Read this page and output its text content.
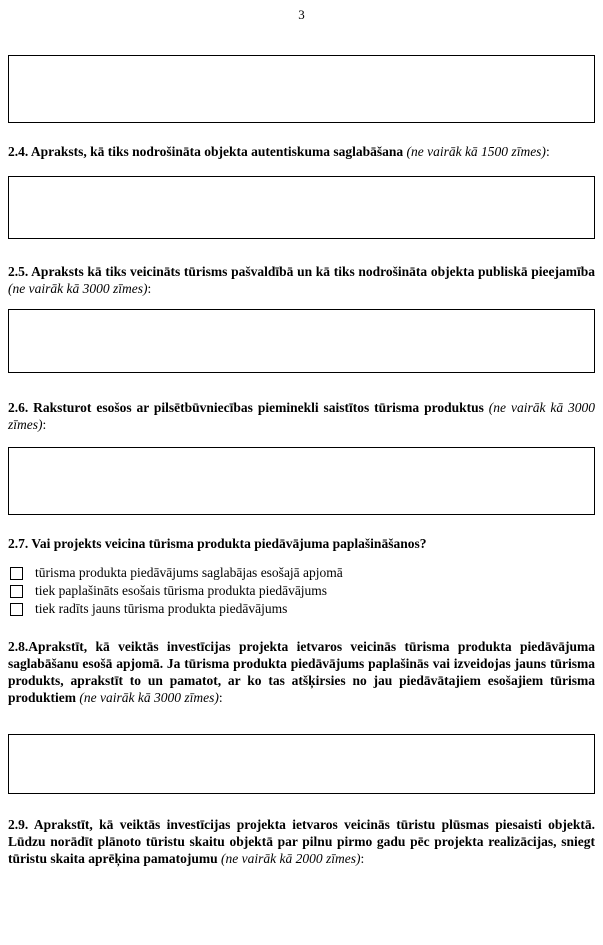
3

2.4. Apraksts, kā tiks nodrošināta objekta autentiskuma saglabāšana (ne vairāk kā 1500 zīmes):

2.5. Apraksts kā tiks veicināts tūrisms pašvaldībā un kā tiks nodrošināta objekta publiskā pieejamība (ne vairāk kā 3000 zīmes):

2.6. Raksturot esošos ar pilsētbūvniecības pieminekli saistītos tūrisma produktus (ne vairāk kā 3000 zīmes):

2.7. Vai projekts veicina tūrisma produkta piedāvājuma paplašināšanos?

tūrisma produkta piedāvājums saglabājas esošajā apjomā
tiek paplašināts esošais tūrisma produkta piedāvājums
tiek radīts jauns tūrisma produkta piedāvājums

2.8.Aprakstīt, kā veiktās investīcijas projekta ietvaros veicinās tūrisma produkta piedāvājuma saglabāšanu esošā apjomā. Ja tūrisma produkta piedāvājums paplašinās vai izveidojas jauns tūrisma produkts, aprakstīt to un pamatot, ar ko tas atšķirsies no jau piedāvātajiem esošajiem tūrisma produktiem (ne vairāk kā 3000 zīmes):

2.9. Aprakstīt, kā veiktās investīcijas projekta ietvaros veicinās tūristu plūsmas piesaisti objektā. Lūdzu norādīt plānoto tūristu skaitu objektā par pilnu pirmo gadu pēc projekta realizācijas, sniegt tūristu skaita aprēķina pamatojumu (ne vairāk kā 2000 zīmes):
